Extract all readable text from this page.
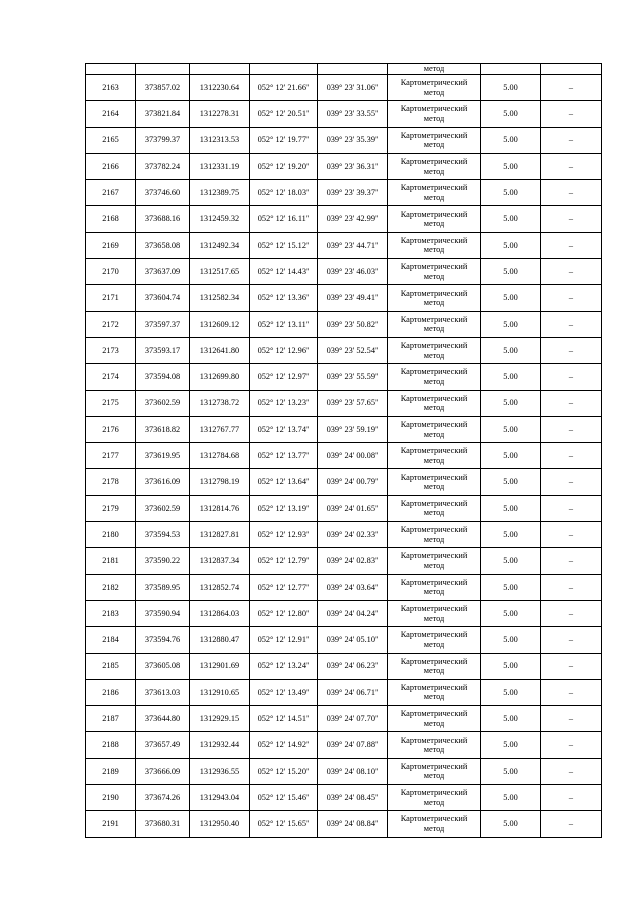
					метод		
2163	373857.02	1312230.64	052° 12' 21.66"	039° 23' 31.06"	Картометрический
метод	5.00	–
2164	373821.84	1312278.31	052° 12' 20.51"	039° 23' 33.55"	Картометрический
метод	5.00	–
2165	373799.37	1312313.53	052° 12' 19.77"	039° 23' 35.39"	Картометрический
метод	5.00	–
2166	373782.24	1312331.19	052° 12' 19.20"	039° 23' 36.31"	Картометрический
метод	5.00	–
2167	373746.60	1312389.75	052° 12' 18.03"	039° 23' 39.37"	Картометрический
метод	5.00	–
2168	373688.16	1312459.32	052° 12' 16.11"	039° 23' 42.99"	Картометрический
метод	5.00	–
2169	373658.08	1312492.34	052° 12' 15.12"	039° 23' 44.71"	Картометрический
метод	5.00	–
2170	373637.09	1312517.65	052° 12' 14.43"	039° 23' 46.03"	Картометрический
метод	5.00	–
2171	373604.74	1312582.34	052° 12' 13.36"	039° 23' 49.41"	Картометрический
метод	5.00	–
2172	373597.37	1312609.12	052° 12' 13.11"	039° 23' 50.82"	Картометрический
метод	5.00	–
2173	373593.17	1312641.80	052° 12' 12.96"	039° 23' 52.54"	Картометрический
метод	5.00	–
2174	373594.08	1312699.80	052° 12' 12.97"	039° 23' 55.59"	Картометрический
метод	5.00	–
2175	373602.59	1312738.72	052° 12' 13.23"	039° 23' 57.65"	Картометрический
метод	5.00	–
2176	373618.82	1312767.77	052° 12' 13.74"	039° 23' 59.19"	Картометрический
метод	5.00	–
2177	373619.95	1312784.68	052° 12' 13.77"	039° 24' 00.08"	Картометрический
метод	5.00	–
2178	373616.09	1312798.19	052° 12' 13.64"	039° 24' 00.79"	Картометрический
метод	5.00	–
2179	373602.59	1312814.76	052° 12' 13.19"	039° 24' 01.65"	Картометрический
метод	5.00	–
2180	373594.53	1312827.81	052° 12' 12.93"	039° 24' 02.33"	Картометрический
метод	5.00	–
2181	373590.22	1312837.34	052° 12' 12.79"	039° 24' 02.83"	Картометрический
метод	5.00	–
2182	373589.95	1312852.74	052° 12' 12.77"	039° 24' 03.64"	Картометрический
метод	5.00	–
2183	373590.94	1312864.03	052° 12' 12.80"	039° 24' 04.24"	Картометрический
метод	5.00	–
2184	373594.76	1312880.47	052° 12' 12.91"	039° 24' 05.10"	Картометрический
метод	5.00	–
2185	373605.08	1312901.69	052° 12' 13.24"	039° 24' 06.23"	Картометрический
метод	5.00	–
2186	373613.03	1312910.65	052° 12' 13.49"	039° 24' 06.71"	Картометрический
метод	5.00	–
2187	373644.80	1312929.15	052° 12' 14.51"	039° 24' 07.70"	Картометрический
метод	5.00	–
2188	373657.49	1312932.44	052° 12' 14.92"	039° 24' 07.88"	Картометрический
метод	5.00	–
2189	373666.09	1312936.55	052° 12' 15.20"	039° 24' 08.10"	Картометрический
метод	5.00	–
2190	373674.26	1312943.04	052° 12' 15.46"	039° 24' 08.45"	Картометрический
метод	5.00	–
2191	373680.31	1312950.40	052° 12' 15.65"	039° 24' 08.84"	Картометрический
метод	5.00	–
